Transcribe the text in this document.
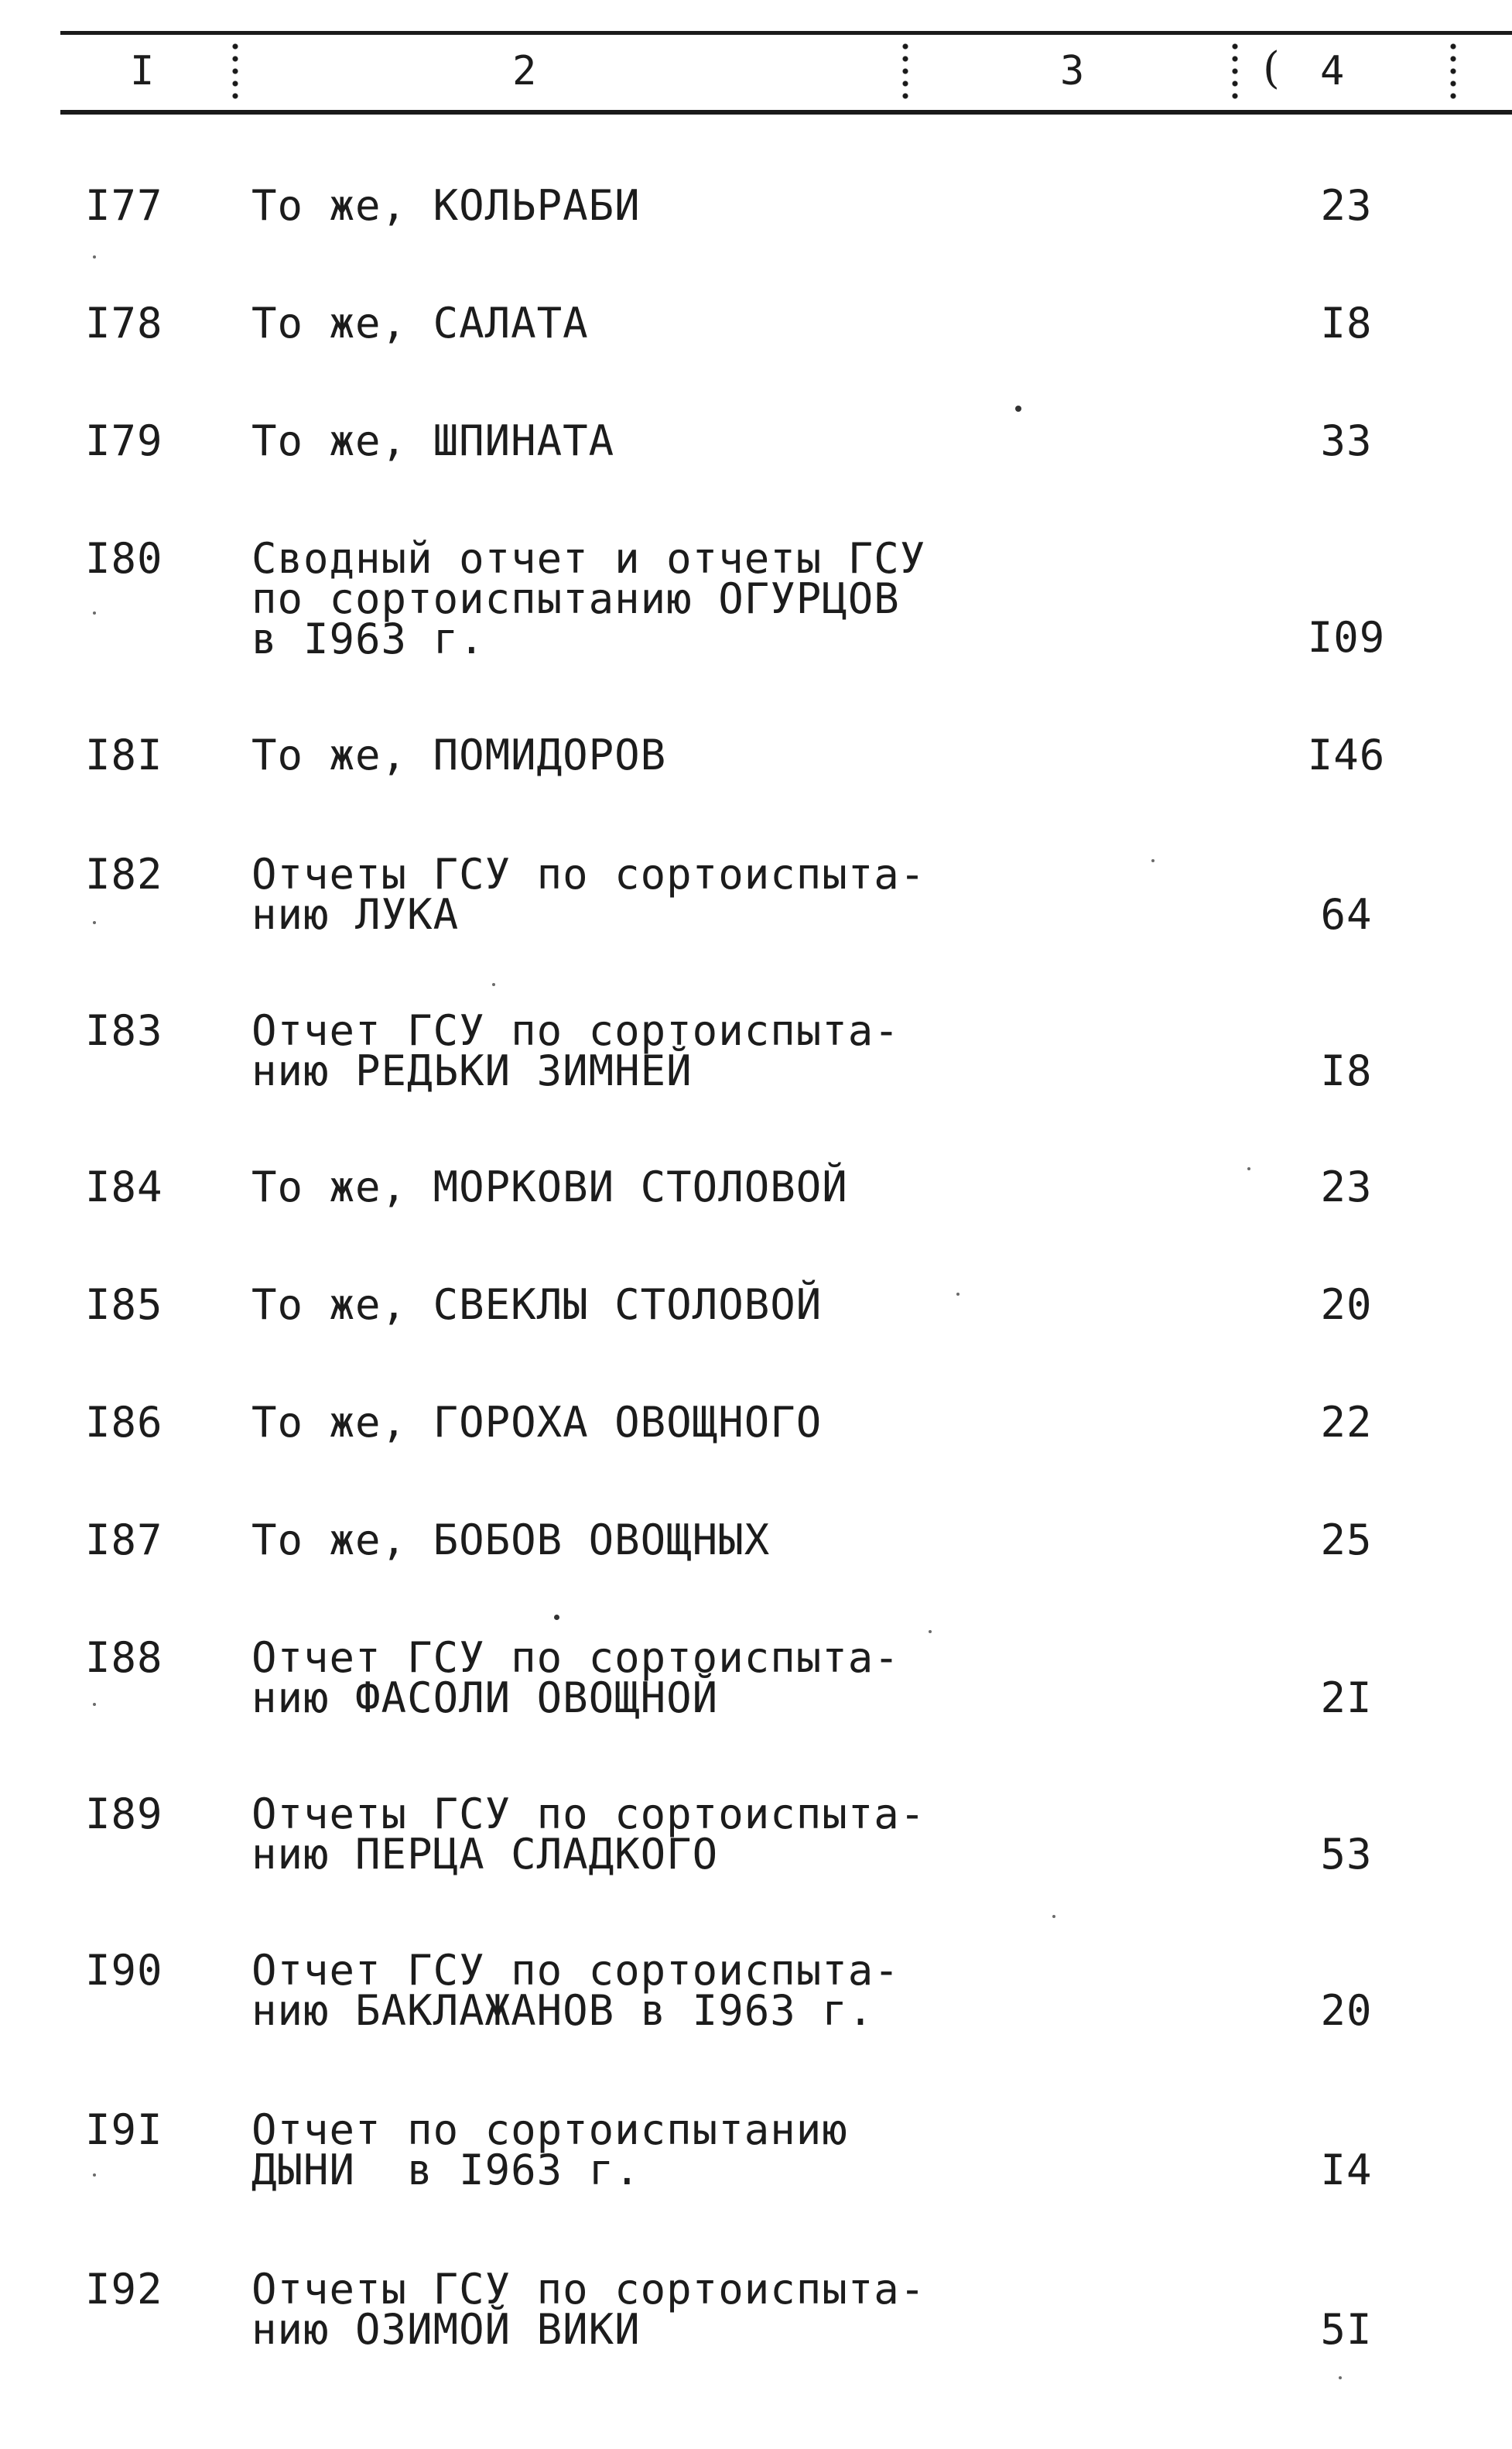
I	2	3	( 4
I77 То же, КОЛЬРАБИ	23
I78 То же, САЛАТА	I8
I79 То же, ШПИНАТА	33
I80 Сводный отчет и отчеты ГСУ
по сортоиспытанию ОГУРЦОВ
в I963 г.	I09
I8I То же, ПОМИДОРОВ	I46
I82 Отчеты ГСУ по сортоиспыта-
нию ЛУКА	64
I83 Отчет ГСУ по сортоиспыта-
нию РЕДЬКИ ЗИМНЕЙ	I8
I84 То же, МОРКОВИ СТОЛОВОЙ	23
I85 То же, СВЕКЛЫ СТОЛОВОЙ	20
I86 То же, ГОРОХА ОВОЩНОГО	22
I87 То же, БОБОВ ОВОЩНЫХ	25
I88 Отчет ГСУ по сортоиспыта-
нию ФАСОЛИ ОВОЩНОЙ	2I
I89 Отчеты ГСУ по сортоиспыта-
нию ПЕРЦА СЛАДКОГО	53
I90 Отчет ГСУ по сортоиспыта-
нию БАКЛАЖАНОВ в I963 г.	20
I9I Отчет по сортоиспытанию
ДЫНИ  в I963 г.	I4
I92 Отчеты ГСУ по сортоиспыта-
нию ОЗИМОЙ ВИКИ	5I
